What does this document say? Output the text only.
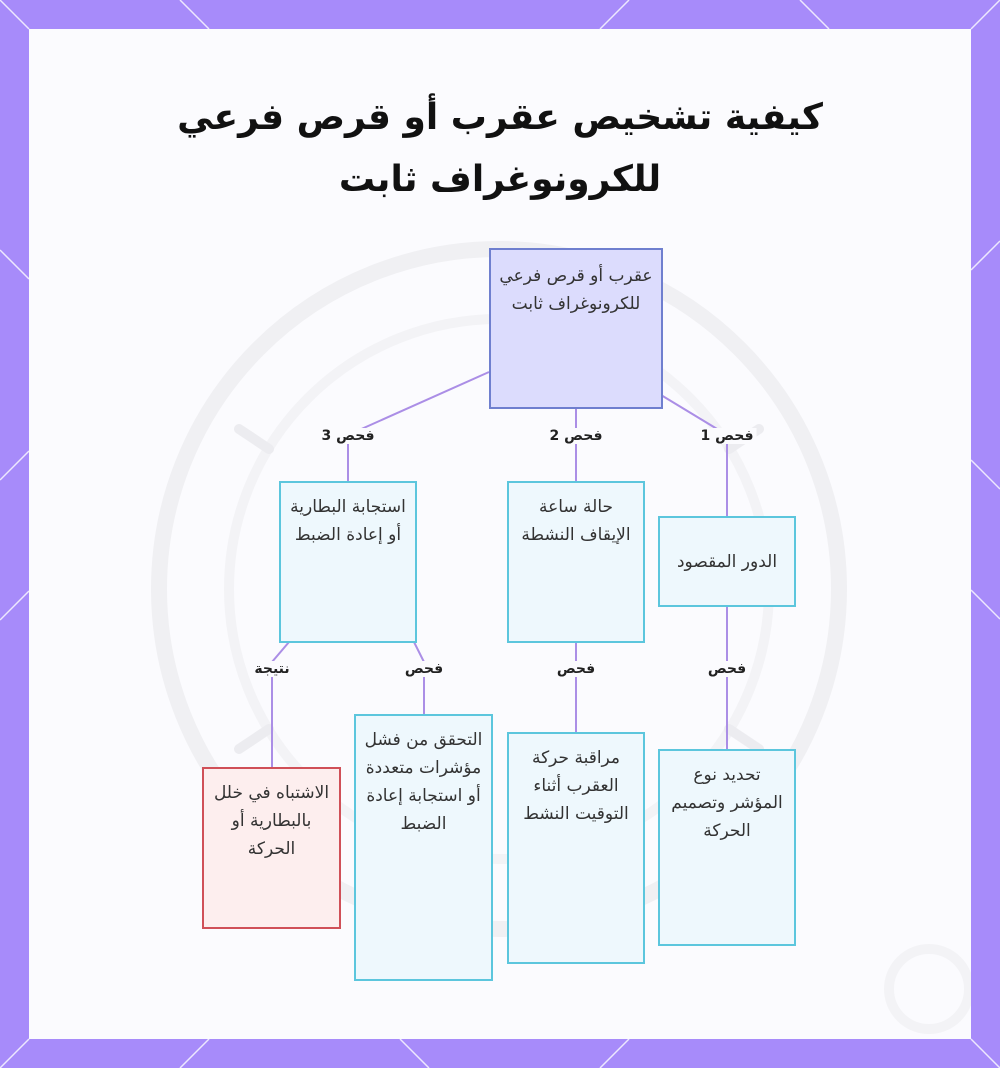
كيفية تشخيص عقرب أو قرص فرعي
للكرونوغراف ثابت
عقرب أو قرص فرعي للكرونوغراف ثابت
الدور المقصود
حالة ساعة الإيقاف النشطة
استجابة البطارية أو إعادة الضبط
تحديد نوع المؤشر وتصميم الحركة
مراقبة حركة العقرب أثناء التوقيت النشط
التحقق من فشل مؤشرات متعددة أو استجابة إعادة الضبط
الاشتباه في خلل بالبطارية أو الحركة
فحص 1
فحص 2
فحص 3
فحص
فحص
فحص
نتيجة
